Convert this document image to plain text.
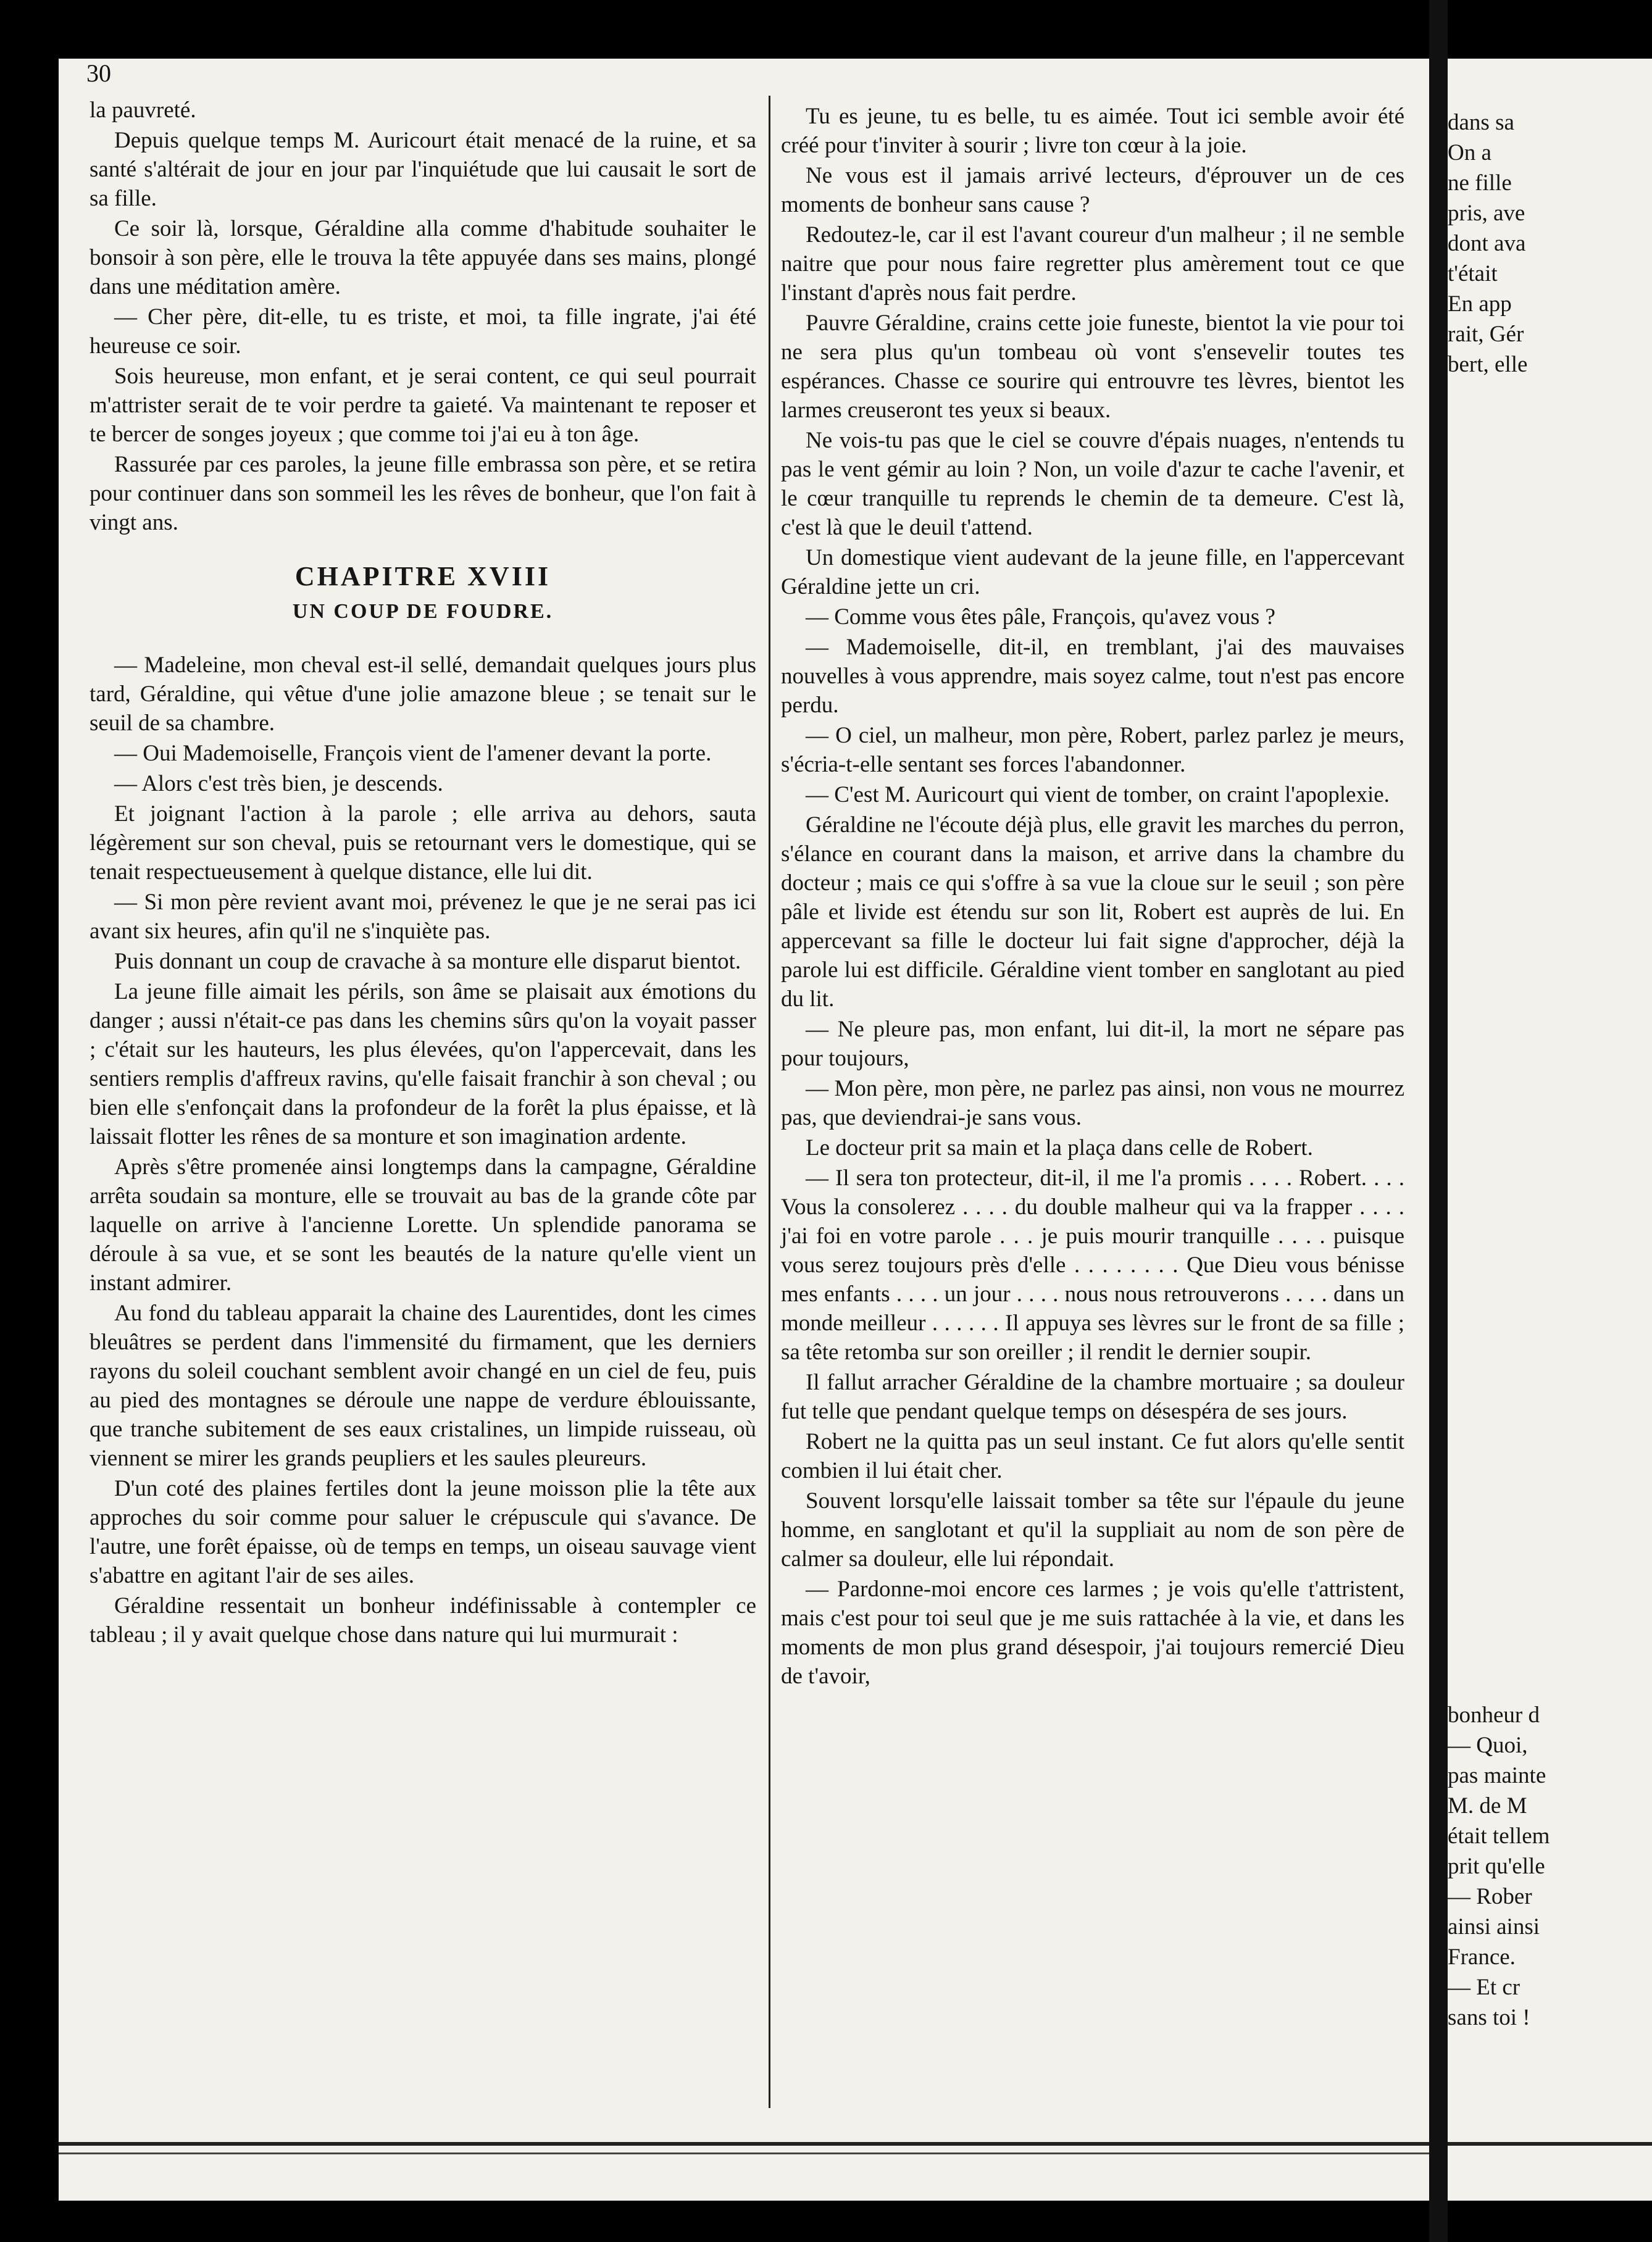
30

la pauvreté.

Depuis quelque temps M. Auricourt était menacé de la ruine, et sa santé s'altérait de jour en jour par l'inquiétude que lui causait le sort de sa fille.

Ce soir là, lorsque, Géraldine alla comme d'habitude souhaiter le bonsoir à son père, elle le trouva la tête appuyée dans ses mains, plongé dans une méditation amère.

— Cher père, dit-elle, tu es triste, et moi, ta fille ingrate, j'ai été heureuse ce soir.

Sois heureuse, mon enfant, et je serai content, ce qui seul pourrait m'attrister serait de te voir perdre ta gaieté. Va maintenant te reposer et te bercer de songes joyeux ; que comme toi j'ai eu à ton âge.

Rassurée par ces paroles, la jeune fille embrassa son père, et se retira pour continuer dans son sommeil les les rêves de bonheur, que l'on fait à vingt ans.

CHAPITRE XVIII
UN COUP DE FOUDRE.

— Madeleine, mon cheval est-il sellé, demandait quelques jours plus tard, Géraldine, qui vêtue d'une jolie amazone bleue ; se tenait sur le seuil de sa chambre.

— Oui Mademoiselle, François vient de l'amener devant la porte.

— Alors c'est très bien, je descends.

Et joignant l'action à la parole ; elle arriva au dehors, sauta légèrement sur son cheval, puis se retournant vers le domestique, qui se tenait respectueusement à quelque distance, elle lui dit.

— Si mon père revient avant moi, prévenez le que je ne serai pas ici avant six heures, afin qu'il ne s'inquiète pas.

Puis donnant un coup de cravache à sa monture elle disparut bientot.

La jeune fille aimait les périls, son âme se plaisait aux émotions du danger ; aussi n'était-ce pas dans les chemins sûrs qu'on la voyait passer ; c'était sur les hauteurs, les plus élevées, qu'on l'appercevait, dans les sentiers remplis d'affreux ravins, qu'elle faisait franchir à son cheval ; ou bien elle s'enfonçait dans la profondeur de la forêt la plus épaisse, et là laissait flotter les rênes de sa monture et son imagination ardente.

Après s'être promenée ainsi longtemps dans la campagne, Géraldine arrêta soudain sa monture, elle se trouvait au bas de la grande côte par laquelle on arrive à l'ancienne Lorette. Un splendide panorama se déroule à sa vue, et se sont les beautés de la nature qu'elle vient un instant admirer.

Au fond du tableau apparait la chaine des Laurentides, dont les cimes bleuâtres se perdent dans l'immensité du firmament, que les derniers rayons du soleil couchant semblent avoir changé en un ciel de feu, puis au pied des montagnes se déroule une nappe de verdure éblouissante, que tranche subitement de ses eaux cristalines, un limpide ruisseau, où viennent se mirer les grands peupliers et les saules pleureurs.

D'un coté des plaines fertiles dont la jeune moisson plie la tête aux approches du soir comme pour saluer le crépuscule qui s'avance. De l'autre, une forêt épaisse, où de temps en temps, un oiseau sauvage vient s'abattre en agitant l'air de ses ailes.

Géraldine ressentait un bonheur indéfinissable à contempler ce tableau ; il y avait quelque chose dans nature qui lui murmurait :

Tu es jeune, tu es belle, tu es aimée. Tout ici semble avoir été créé pour t'inviter à sourir ; livre ton cœur à la joie.

Ne vous est il jamais arrivé lecteurs, d'éprouver un de ces moments de bonheur sans cause ?

Redoutez-le, car il est l'avant coureur d'un malheur ; il ne semble naitre que pour nous faire regretter plus amèrement tout ce que l'instant d'après nous fait perdre.

Pauvre Géraldine, crains cette joie funeste, bientot la vie pour toi ne sera plus qu'un tombeau où vont s'ensevelir toutes tes espérances. Chasse ce sourire qui entrouvre tes lèvres, bientot les larmes creuseront tes yeux si beaux.

Ne vois-tu pas que le ciel se couvre d'épais nuages, n'entends tu pas le vent gémir au loin ? Non, un voile d'azur te cache l'avenir, et le cœur tranquille tu reprends le chemin de ta demeure. C'est là, c'est là que le deuil t'attend.

Un domestique vient audevant de la jeune fille, en l'appercevant Géraldine jette un cri.

— Comme vous êtes pâle, François, qu'avez vous ?

— Mademoiselle, dit-il, en tremblant, j'ai des mauvaises nouvelles à vous apprendre, mais soyez calme, tout n'est pas encore perdu.

— O ciel, un malheur, mon père, Robert, parlez parlez je meurs, s'écria-t-elle sentant ses forces l'abandonner.

— C'est M. Auricourt qui vient de tomber, on craint l'apoplexie.

Géraldine ne l'écoute déjà plus, elle gravit les marches du perron, s'élance en courant dans la maison, et arrive dans la chambre du docteur ; mais ce qui s'offre à sa vue la cloue sur le seuil ; son père pâle et livide est étendu sur son lit, Robert est auprès de lui. En appercevant sa fille le docteur lui fait signe d'approcher, déjà la parole lui est difficile. Géraldine vient tomber en sanglotant au pied du lit.

— Ne pleure pas, mon enfant, lui dit-il, la mort ne sépare pas pour toujours,

— Mon père, mon père, ne parlez pas ainsi, non vous ne mourrez pas, que deviendrai-je sans vous.

Le docteur prit sa main et la plaça dans celle de Robert.

— Il sera ton protecteur, dit-il, il me l'a promis . . . . Robert. . . . Vous la consolerez . . . . du double malheur qui va la frapper . . . . j'ai foi en votre parole . . . je puis mourir tranquille . . . . puisque vous serez toujours près d'elle . . . . . . . . Que Dieu vous bénisse mes enfants . . . . un jour . . . . nous nous retrouverons . . . . dans un monde meilleur . . . . . . Il appuya ses lèvres sur le front de sa fille ; sa tête retomba sur son oreiller ; il rendit le dernier soupir.

Il fallut arracher Géraldine de la chambre mortuaire ; sa douleur fut telle que pendant quelque temps on désespéra de ses jours.

Robert ne la quitta pas un seul instant. Ce fut alors qu'elle sentit combien il lui était cher.

Souvent lorsqu'elle laissait tomber sa tête sur l'épaule du jeune homme, en sanglotant et qu'il la suppliait au nom de son père de calmer sa douleur, elle lui répondait.

— Pardonne-moi encore ces larmes ; je vois qu'elle t'attristent, mais c'est pour toi seul que je me suis rattachée à la vie, et dans les moments de mon plus grand désespoir, j'ai toujours remercié Dieu de t'avoir,

dans sa
On a
ne fille
pris, ave
dont ava
t'était
En app
rait, Gér
bert, elle
bonheur d
— Quoi,
pas mainte
M. de M
était tellem
prit qu'elle
— Rober
ainsi ainsi
France.
— Et cr
sans toi !
